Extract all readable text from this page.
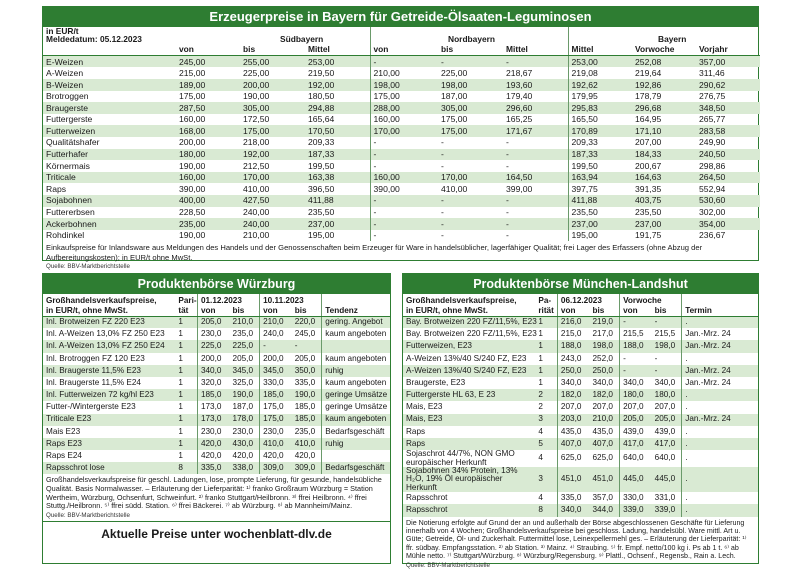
Erzeugerpreise in Bayern für Getreide-Ölsaaten-Leguminosen
in EUR/t
Meldedatum: 05.12.2023		Südbayern			Nordbayern			Bayern	
	von	bis	Mittel	von	bis	Mittel	Mittel	Vorwoche	Vorjahr
E-Weizen	245,00	255,00	253,00	-	-	-	253,00	252,08	357,00
A-Weizen	215,00	225,00	219,50	210,00	225,00	218,67	219,08	219,64	311,46
B-Weizen	189,00	200,00	192,00	198,00	198,00	193,60	192,62	192,86	290,62
Brotroggen	175,00	190,00	180,50	175,00	187,00	179,40	179,95	178,79	276,75
Braugerste	287,50	305,00	294,88	288,00	305,00	296,60	295,83	296,68	348,50
Futtergerste	160,00	172,50	165,64	160,00	175,00	165,25	165,50	164,95	265,77
Futterweizen	168,00	175,00	170,50	170,00	175,00	171,67	170,89	171,10	283,58
Qualitätshafer	200,00	218,00	209,33	-	-	-	209,33	207,00	249,90
Futterhafer	180,00	192,00	187,33	-	-	-	187,33	184,33	240,50
Körnermais	190,00	212,50	199,50	-	-	-	199,50	200,67	298,86
Triticale	160,00	170,00	163,38	160,00	170,00	164,50	163,94	164,63	264,50
Raps	390,00	410,00	396,50	390,00	410,00	399,00	397,75	391,35	552,94
Sojabohnen	400,00	427,50	411,88	-	-	-	411,88	403,75	530,60
Futtererbsen	228,50	240,00	235,50	-	-	-	235,50	235,50	302,00
Ackerbohnen	235,00	240,00	237,00	-	-	-	237,00	237,00	354,00
Rohdinkel	190,00	210,00	195,00	-	-	-	195,00	191,75	236,67
Einkaufspreise für Inlandsware aus Meldungen des Handels und der Genossenschaften beim Erzeuger für Ware in handelsüblicher, lagerfähiger Qualität; frei Lager des Erfassers (ohne Abzug der Aufbereitungskosten); in EUR/t ohne MwSt.
Quelle: BBV-Marktberichtstelle
Produktenbörse Würzburg
Großhandelsverkaufspreise,	Pari-	01.12.2023		10.11.2023		
in EUR/t, ohne MwSt.	tät	von	bis	von	bis	Tendenz
Inl. Brotweizen FZ 220 E23	1	205,0	210,0	210,0	220,0	gering. Angebot
Inl. A-Weizen 13,0% FZ 250 E23	1	230,0	235,0	240,0	245,0	kaum angeboten
Inl. A-Weizen 13,0% FZ 250 E24	1	225,0	225,0	-	-	
Inl. Brotroggen FZ 120 E23	1	200,0	205,0	200,0	205,0	kaum angeboten
Inl. Braugerste 11,5% E23	1	340,0	345,0	345,0	350,0	ruhig
Inl. Braugerste 11,5% E24	1	320,0	325,0	330,0	335,0	kaum angeboten
Inl. Futterweizen 72 kg/hl E23	1	185,0	190,0	185,0	190,0	geringe Umsätze
Futter-/Wintergerste E23	1	173,0	187,0	175,0	185,0	geringe Umsätze
Triticale E23	1	173,0	178,0	175,0	185,0	kaum angeboten
Mais E23	1	230,0	230,0	230,0	235,0	Bedarfsgeschäft
Raps E23	1	420,0	430,0	410,0	410,0	ruhig
Raps E24	1	420,0	420,0	420,0	420,0	
Rapsschrot lose	8	335,0	338,0	309,0	309,0	Bedarfsgeschäft
Großhandelsverkaufspreise für geschl. Ladungen, lose, prompte Lieferung, für gesunde, handelsübliche Qualität. Basis Normalwasser. – Erläuterung der Lieferparität: ¹⁾ franko Großraum Würzburg = Station Wertheim, Würzburg, Ochsenfurt, Schweinfurt. ²⁾ franko Stuttgart/Heilbronn. ³⁾ ffrei Heilbronn. ⁴⁾ ffrei Stuttg./Heilbronn. ⁵⁾ ffrei südd. Station. ⁶⁾ ffrei Bäckerei. ⁷⁾ ab Würzburg. ⁸⁾ ab Mannheim/Mainz.
Quelle: BBV-Marktberichtstelle
Aktuelle Preise unter wochenblatt-dlv.de
Produktenbörse München-Landshut
Großhandelsverkaufspreise,	Pa-	06.12.2023		Vorwoche		
in EUR/t, ohne MwSt.	rität	von	bis	von	bis	Termin
Bay. Brotweizen 220 FZ/11,5%, E23	1	216,0	219,0	-	-	.
Bay. Brotweizen 220 FZ/11,5%, E23	1	215,0	217,0	215,5	215,5	Jan.-Mrz. 24
Futterweizen, E23	1	188,0	198,0	188,0	198,0	Jan.-Mrz. 24
A-Weizen 13%/40 S/240 FZ, E23	1	243,0	252,0	-	-	.
A-Weizen 13%/40 S/240 FZ, E23	1	250,0	250,0	-	-	Jan.-Mrz. 24
Braugerste, E23	1	340,0	340,0	340,0	340,0	Jan.-Mrz. 24
Futtergerste HL 63, E 23	2	182,0	182,0	180,0	180,0	.
Mais, E23	2	207,0	207,0	207,0	207,0	.
Mais, E23	3	203,0	210,0	205,0	205,0	Jan.-Mrz. 24
Raps	4	435,0	435,0	439,0	439,0	.
Raps	5	407,0	407,0	417,0	417,0	.
Sojaschrot 44/7%, NON GMO europäischer Herkunft	4	625,0	625,0	640,0	640,0	.
Sojabohnen 34% Protein, 13% H₂O, 19% Öl europäischer Herkunft	3	451,0	451,0	445,0	445,0	.
Rapsschrot	4	335,0	357,0	330,0	331,0	.
Rapsschrot	8	340,0	344,0	339,0	339,0	.
Die Notierung erfolgte auf Grund der an und außerhalb der Börse abgeschlossenen Geschäfte für Lieferung innerhalb von 4 Wochen; Großhandelsverkaufspreise bei geschloss. Ladung, handelsübl. Ware mittl. Art u. Güte; Getreide, Öl- und Zuckerhalt. Futtermittel lose, Leinexpellermehl ges. – Erläuterung der Lieferparität: ¹⁾ ffr. südbay. Empfangsstation. ²⁾ ab Station. ³⁾ Mainz. ⁴⁾ Straubing. ⁵⁾ fr. Empf. netto/100 kg i. Ps ab 1 t. ⁶⁾ ab Mühle netto. ⁷⁾ Stuttgart/Würzburg. ⁸⁾ Würzburg/Regensburg. ⁹⁾ Plattl., Ochsenf., Regensb., Rain a. Lech.
Quelle: BBV-Marktberichtstelle
